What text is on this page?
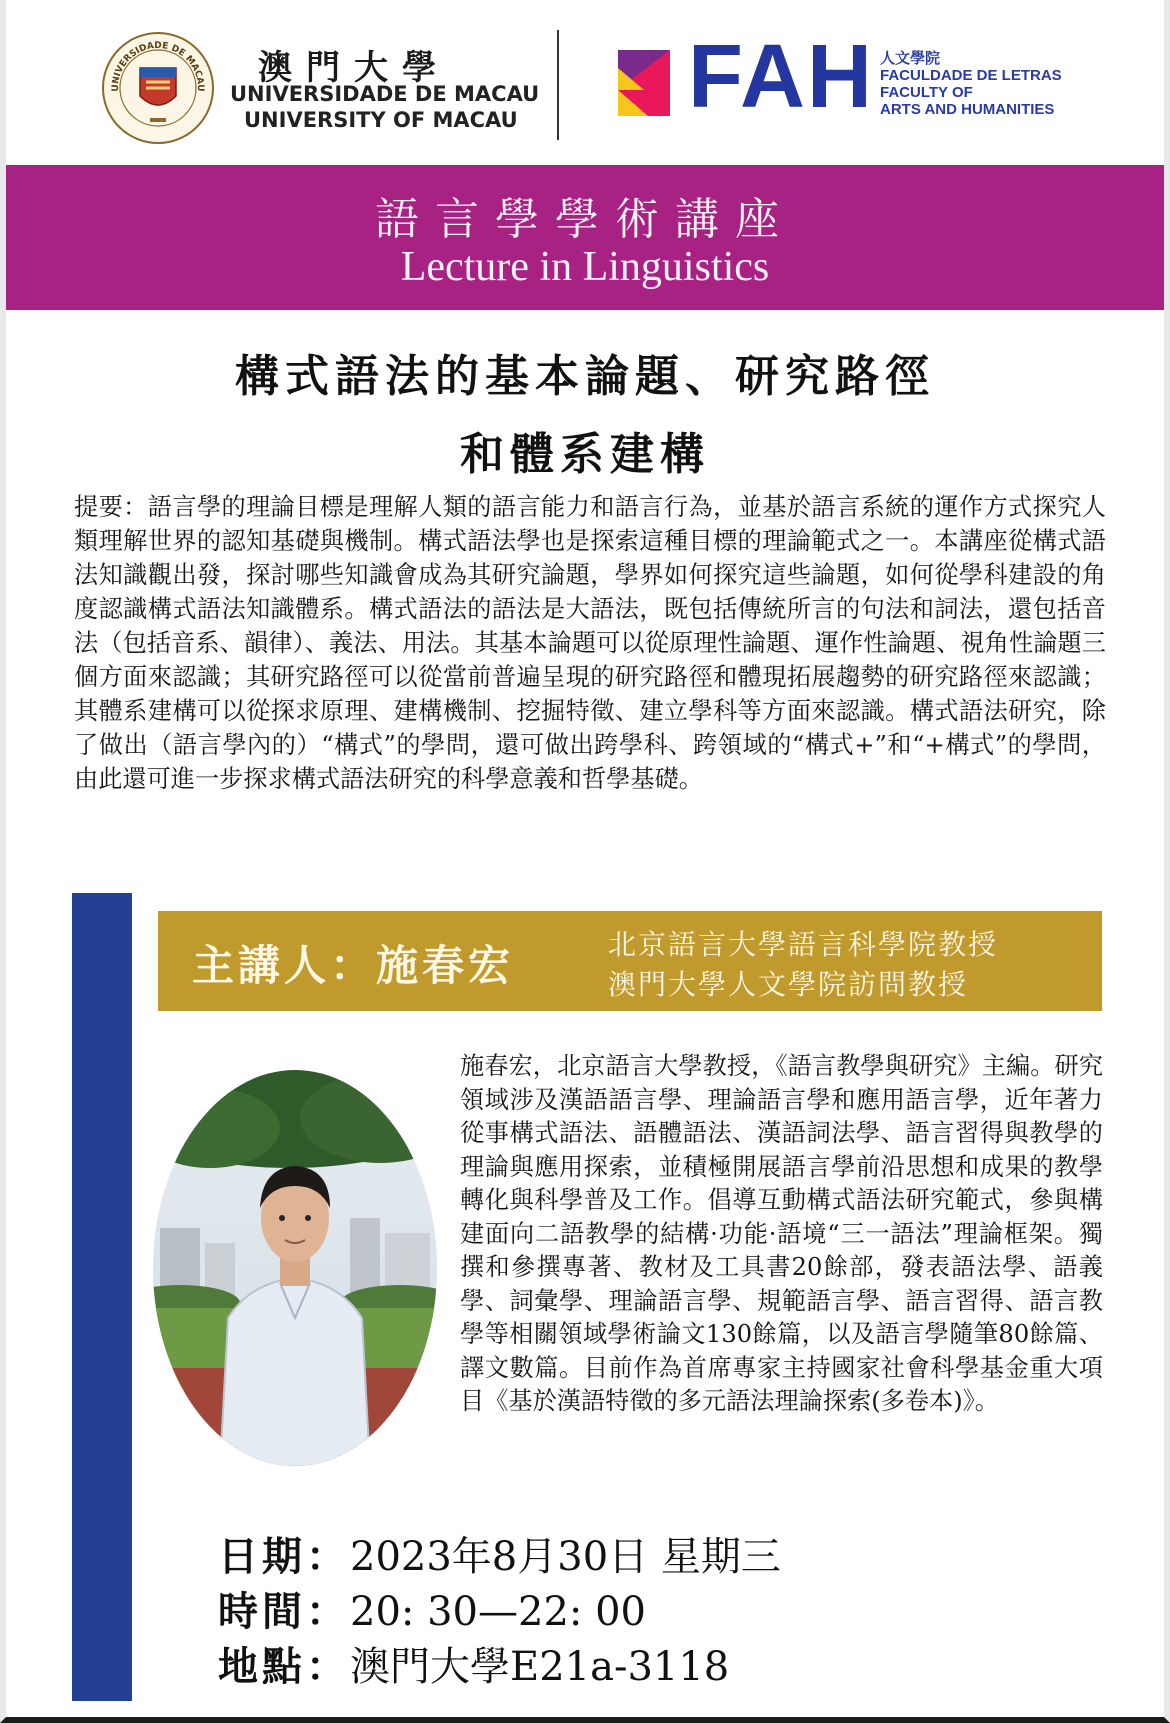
UNIVERSIDADE DE MACAU 澳門大學
UNIVERSIDADE DE MACAU
UNIVERSITY OF MACAU FAH 人文學院
FACULDADE DE LETRAS
FACULTY OF
ARTS AND HUMANITIES
語言學學術講座
Lecture in Linguistics
構式語法的基本論題、研究路徑
和體系建構

提要：語言學的理論目標是理解人類的語言能力和語言行為，並基於語言系統的運作方式探究人類理解世界的認知基礎與機制。構式語法學也是探索這種目標的理論範式之一。本講座從構式語法知識觀出發，探討哪些知識會成為其研究論題，學界如何探究這些論題，如何從學科建設的角度認識構式語法知識體系。構式語法的語法是大語法，既包括傳統所言的句法和詞法，還包括音法（包括音系、韻律）、義法、用法。其基本論題可以從原理性論題、運作性論題、視角性論題三個方面來認識；其研究路徑可以從當前普遍呈現的研究路徑和體現拓展趨勢的研究路徑來認識；其體系建構可以從探求原理、建構機制、挖掘特徵、建立學科等方面來認識。構式語法研究，除了做出（語言學內的）“構式”的學問，還可做出跨學科、跨領域的“構式+”和“+構式”的學問，由此還可進一步探求構式語法研究的科學意義和哲學基礎。

主講人：施春宏	北京語言大學語言科學院教授
澳門大學人文學院訪問教授

施春宏，北京語言大學教授，《語言教學與研究》主編。研究領域涉及漢語語言學、理論語言學和應用語言學，近年著力從事構式語法、語體語法、漢語詞法學、語言習得與教學的理論與應用探索，並積極開展語言學前沿思想和成果的教學轉化與科學普及工作。倡導互動構式語法研究範式，參與構建面向二語教學的結構·功能·語境“三一語法”理論框架。獨撰和參撰專著、教材及工具書20餘部，發表語法學、語義學、詞彙學、理論語言學、規範語言學、語言習得、語言教學等相關領域學術論文130餘篇，以及語言學隨筆80餘篇、譯文數篇。目前作為首席專家主持國家社會科學基金重大項目《基於漢語特徵的多元語法理論探索(多卷本)》。

日期：2023年8月30日 星期三
時間：20: 30—22: 00
地點：澳門大學E21a-3118
